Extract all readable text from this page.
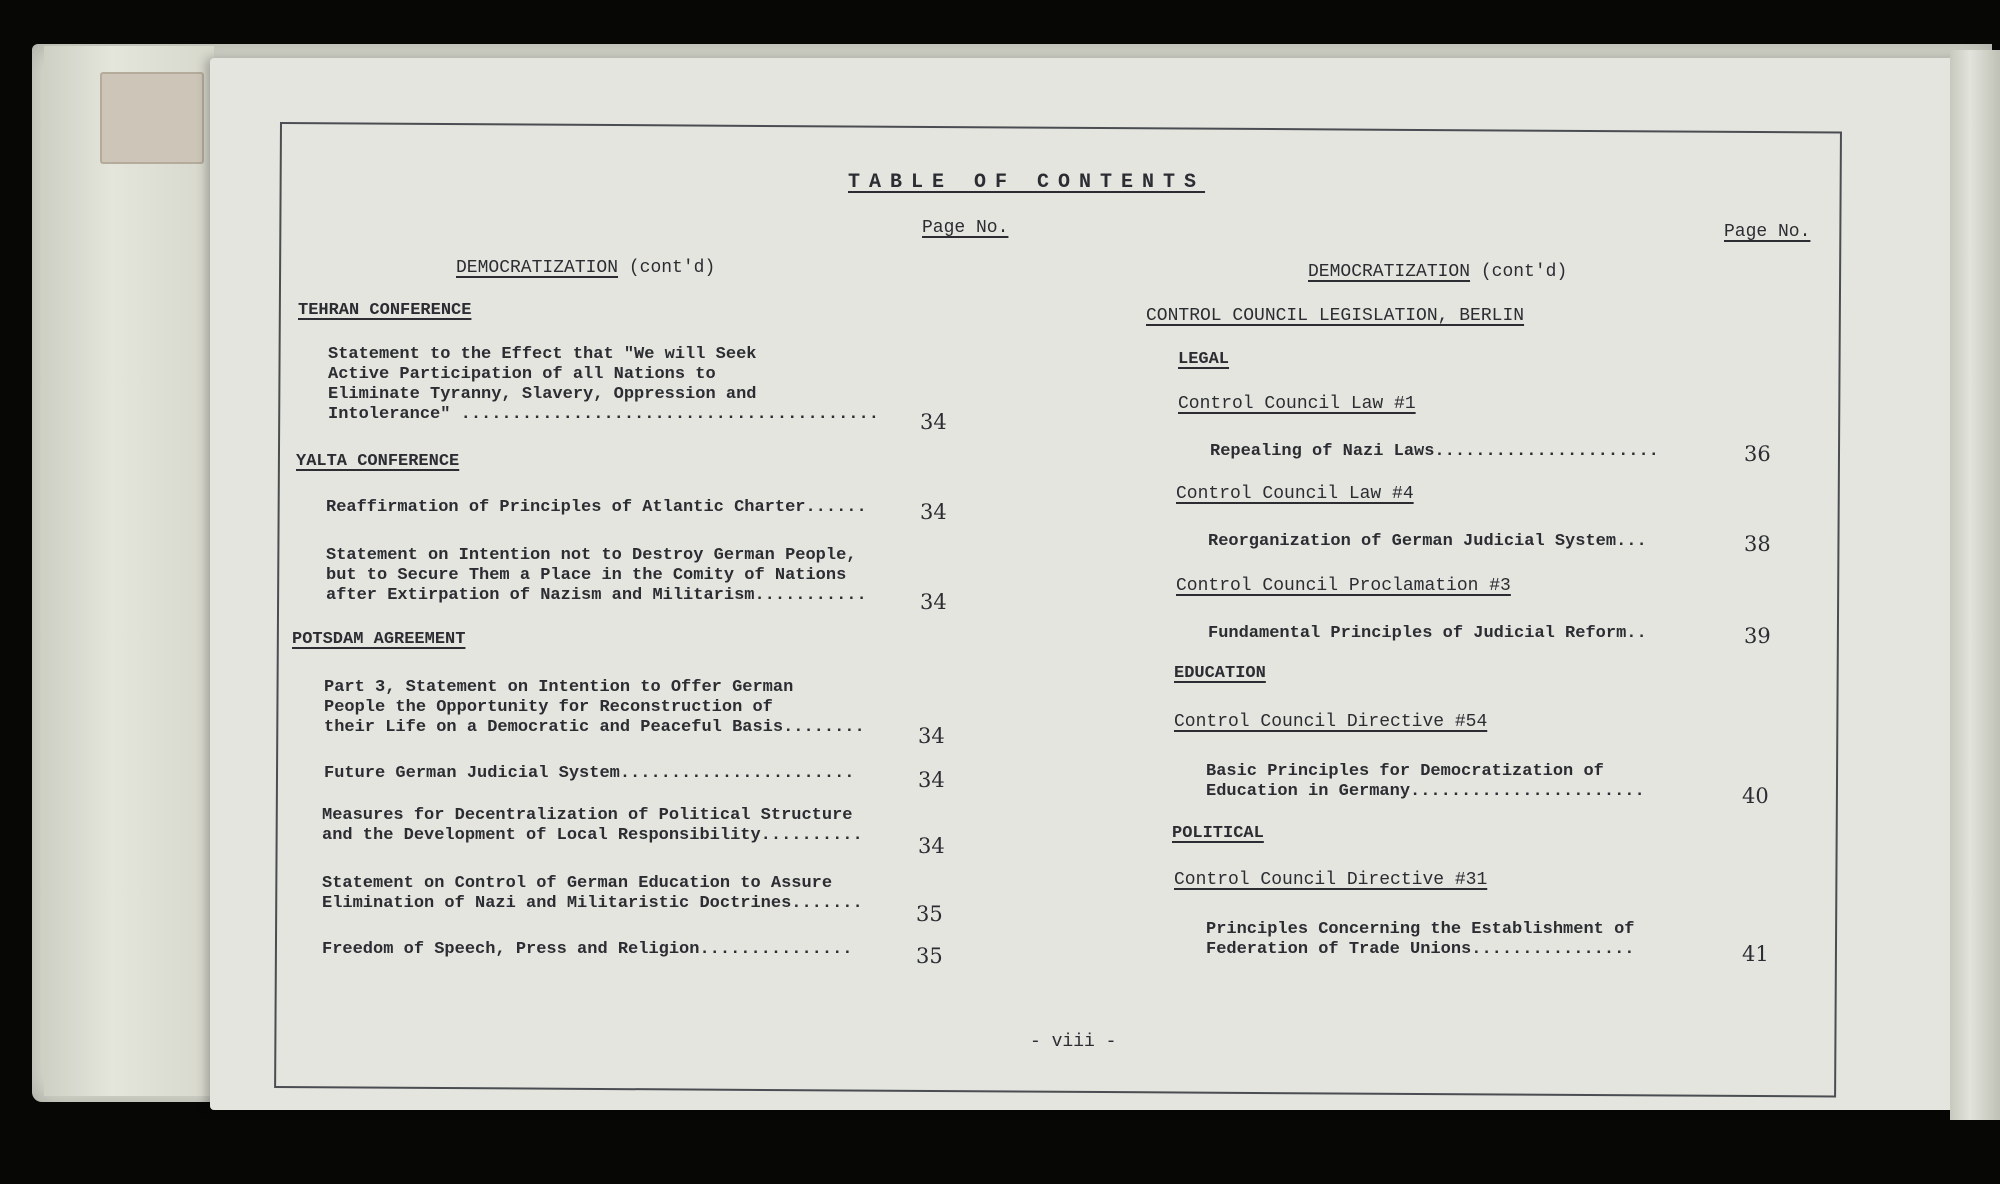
TABLE OF CONTENTS
Page No.	Page No.
DEMOCRATIZATION (cont'd)
TEHRAN CONFERENCE
Statement to the Effect that "We will Seek
Active Participation of all Nations to
Eliminate Tyranny, Slavery, Oppression and
Intolerance" ......................................... 34
YALTA CONFERENCE
Reaffirmation of Principles of Atlantic Charter......	34
Statement on Intention not to Destroy German People,
but to Secure Them a Place in the Comity of Nations
after Extirpation of Nazism and Militarism...........	34
POTSDAM AGREEMENT
Part 3, Statement on Intention to Offer German
People the Opportunity for Reconstruction of
their Life on a Democratic and Peaceful Basis........	34
Future German Judicial System.......................	34
Measures for Decentralization of Political Structure
and the Development of Local Responsibility..........	34
Statement on Control of German Education to Assure
Elimination of Nazi and Militaristic Doctrines.......	35
Freedom of Speech, Press and Religion...............	35
DEMOCRATIZATION (cont'd)
CONTROL COUNCIL LEGISLATION, BERLIN
LEGAL
Control Council Law #1
Repealing of Nazi Laws......................	36
Control Council Law #4
Reorganization of German Judicial System...	38
Control Council Proclamation #3
Fundamental Principles of Judicial Reform..	39
EDUCATION
Control Council Directive #54
Basic Principles for Democratization of
Education in Germany.......................	40
POLITICAL
Control Council Directive #31
Principles Concerning the Establishment of
Federation of Trade Unions................	41
- viii -
